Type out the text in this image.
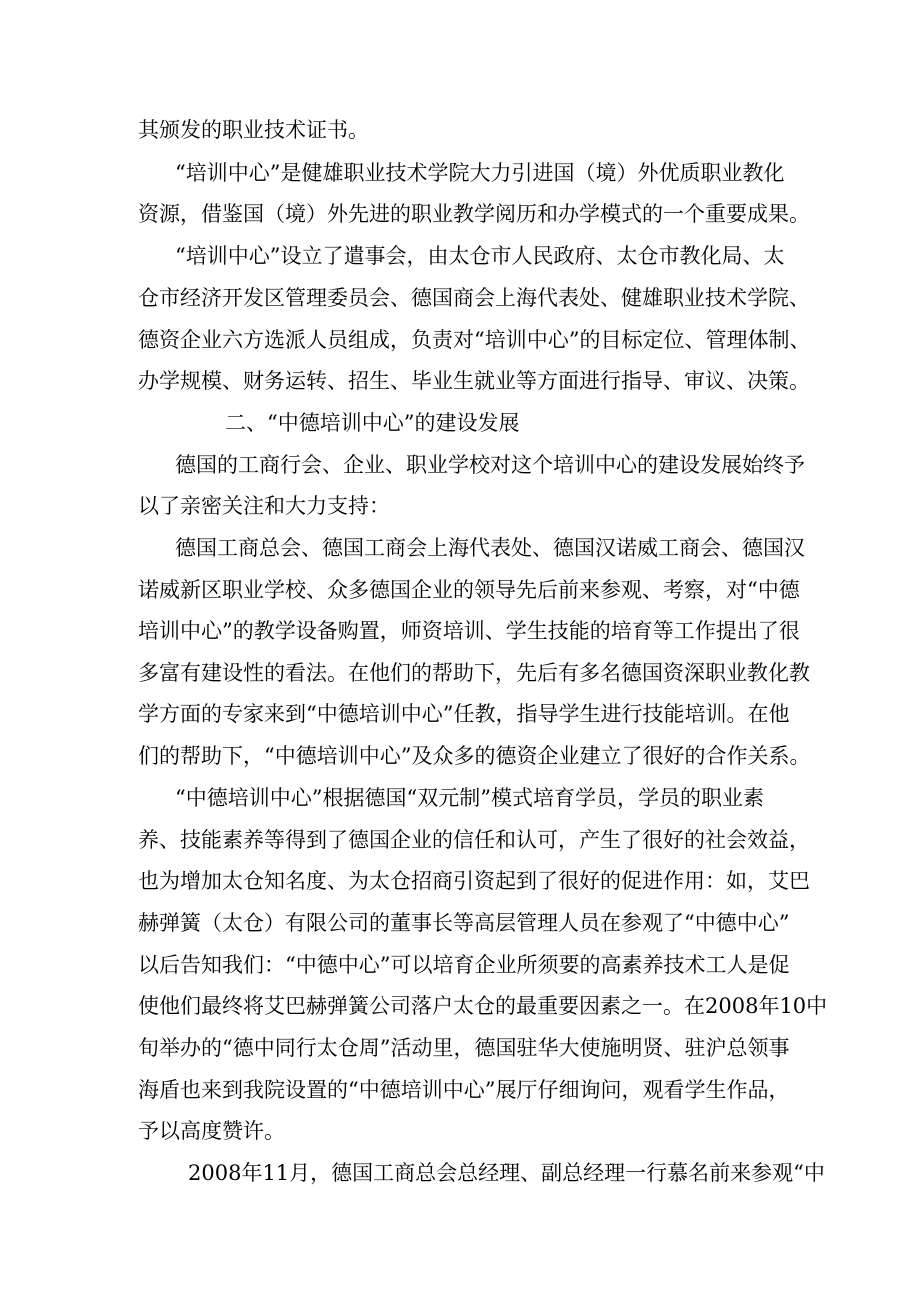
其颁发的职业技术证书。
“培训中心”是健雄职业技术学院大力引进国（境）外优质职业教化
资源，借鉴国（境）外先进的职业教学阅历和办学模式的一个重要成果。
“培训中心”设立了遣事会，由太仓市人民政府、太仓市教化局、太
仓市经济开发区管理委员会、德国商会上海代表处、健雄职业技术学院、
德资企业六方选派人员组成，负责对“培训中心”的目标定位、管理体制、
办学规模、财务运转、招生、毕业生就业等方面进行指导、审议、决策。
二、“中德培训中心”的建设发展
德国的工商行会、企业、职业学校对这个培训中心的建设发展始终予
以了亲密关注和大力支持：
德国工商总会、德国工商会上海代表处、德国汉诺威工商会、德国汉
诺威新区职业学校、众多德国企业的领导先后前来参观、考察，对“中德
培训中心”的教学设备购置，师资培训、学生技能的培育等工作提出了很
多富有建设性的看法。在他们的帮助下，先后有多名德国资深职业教化教
学方面的专家来到“中德培训中心”任教，指导学生进行技能培训。在他
们的帮助下，“中德培训中心”及众多的德资企业建立了很好的合作关系。
“中德培训中心”根据德国“双元制”模式培育学员，学员的职业素
养、技能素养等得到了德国企业的信任和认可，产生了很好的社会效益，
也为增加太仓知名度、为太仓招商引资起到了很好的促进作用：如，艾巴
赫弹簧（太仓）有限公司的董事长等高层管理人员在参观了“中德中心”
以后告知我们：“中德中心”可以培育企业所须要的高素养技术工人是促
使他们最终将艾巴赫弹簧公司落户太仓的最重要因素之一。在2008年10中
旬举办的“德中同行太仓周”活动里，德国驻华大使施明贤、驻沪总领事
海盾也来到我院设置的“中德培训中心”展厅仔细询问，观看学生作品，
予以高度赞许。
2008年11月，德国工商总会总经理、副总经理一行慕名前来参观“中
